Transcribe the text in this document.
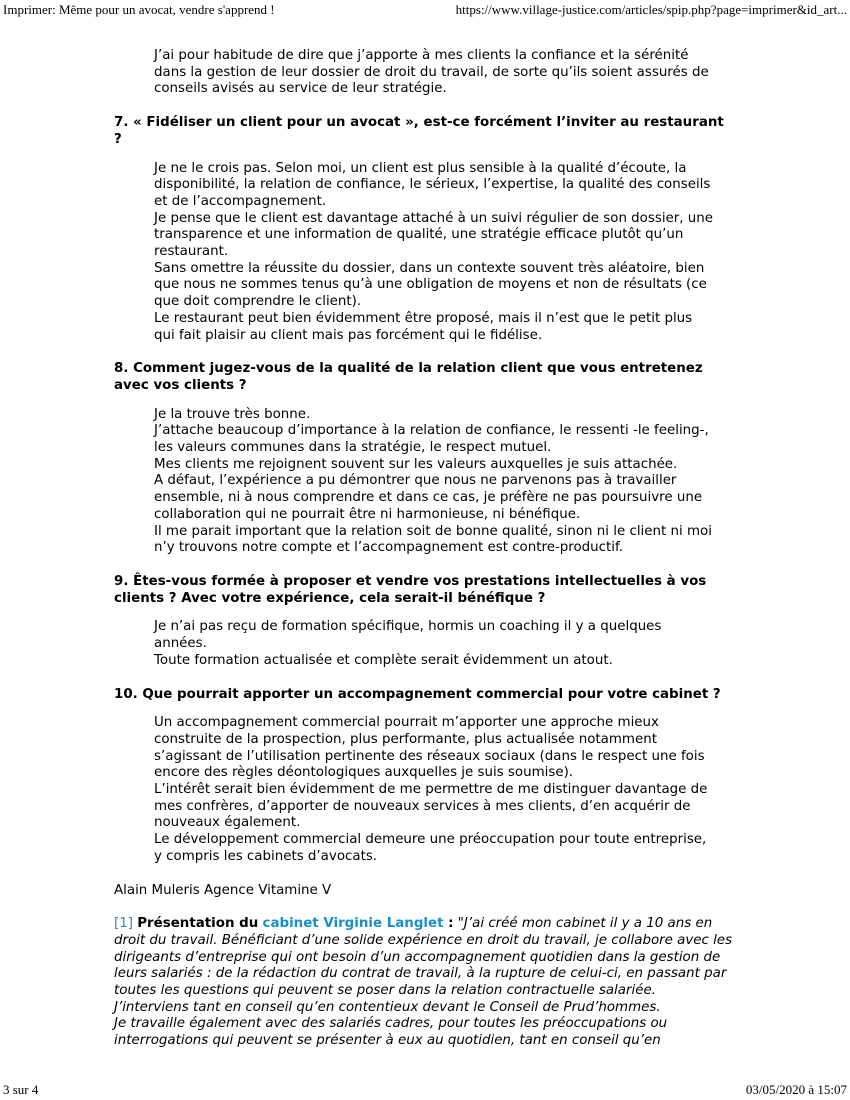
Imprimer: Même pour un avocat, vendre s'apprend !	https://www.village-justice.com/articles/spip.php?page=imprimer&id_art...

J’ai pour habitude de dire que j’apporte à mes clients la confiance et la sérénité dans la gestion de leur dossier de droit du travail, de sorte qu’ils soient assurés de conseils avisés au service de leur stratégie.

7. « Fidéliser un client pour un avocat », est-ce forcément l’inviter au restaurant ?

Je ne le crois pas. Selon moi, un client est plus sensible à la qualité d’écoute, la disponibilité, la relation de confiance, le sérieux, l’expertise, la qualité des conseils et de l’accompagnement.

Je pense que le client est davantage attaché à un suivi régulier de son dossier, une transparence et une information de qualité, une stratégie efficace plutôt qu’un restaurant.

Sans omettre la réussite du dossier, dans un contexte souvent très aléatoire, bien que nous ne sommes tenus qu’à une obligation de moyens et non de résultats (ce que doit comprendre le client).

Le restaurant peut bien évidemment être proposé, mais il n’est que le petit plus qui fait plaisir au client mais pas forcément qui le fidélise.

8. Comment jugez-vous de la qualité de la relation client que vous entretenez avec vos clients ?

Je la trouve très bonne.

J’attache beaucoup d’importance à la relation de confiance, le ressenti -le feeling-, les valeurs communes dans la stratégie, le respect mutuel.

Mes clients me rejoignent souvent sur les valeurs auxquelles je suis attachée.

A défaut, l’expérience a pu démontrer que nous ne parvenons pas à travailler ensemble, ni à nous comprendre et dans ce cas, je préfère ne pas poursuivre une collaboration qui ne pourrait être ni harmonieuse, ni bénéfique.

Il me parait important que la relation soit de bonne qualité, sinon ni le client ni moi n’y trouvons notre compte et l’accompagnement est contre-productif.

9. Êtes-vous formée à proposer et vendre vos prestations intellectuelles à vos clients ? Avec votre expérience, cela serait-il bénéfique ?

Je n’ai pas reçu de formation spécifique, hormis un coaching il y a quelques années.

Toute formation actualisée et complète serait évidemment un atout.

10. Que pourrait apporter un accompagnement commercial pour votre cabinet ?

Un accompagnement commercial pourrait m’apporter une approche mieux construite de la prospection, plus performante, plus actualisée notamment s’agissant de l’utilisation pertinente des réseaux sociaux (dans le respect une fois encore des règles déontologiques auxquelles je suis soumise).

L’intérêt serait bien évidemment de me permettre de me distinguer davantage de mes confrères, d’apporter de nouveaux services à mes clients, d’en acquérir de nouveaux également.

Le développement commercial demeure une préoccupation pour toute entreprise, y compris les cabinets d’avocats.

Alain Muleris Agence Vitamine V

[1] Présentation du cabinet Virginie Langlet : "J’ai créé mon cabinet il y a 10 ans en droit du travail. Bénéficiant d’une solide expérience en droit du travail, je collabore avec les dirigeants d’entreprise qui ont besoin d’un accompagnement quotidien dans la gestion de leurs salariés : de la rédaction du contrat de travail, à la rupture de celui-ci, en passant par toutes les questions qui peuvent se poser dans la relation contractuelle salariée.

J’interviens tant en conseil qu’en contentieux devant le Conseil de Prud’hommes.

Je travaille également avec des salariés cadres, pour toutes les préoccupations ou interrogations qui peuvent se présenter à eux au quotidien, tant en conseil qu’en

3 sur 4	03/05/2020 à 15:07
